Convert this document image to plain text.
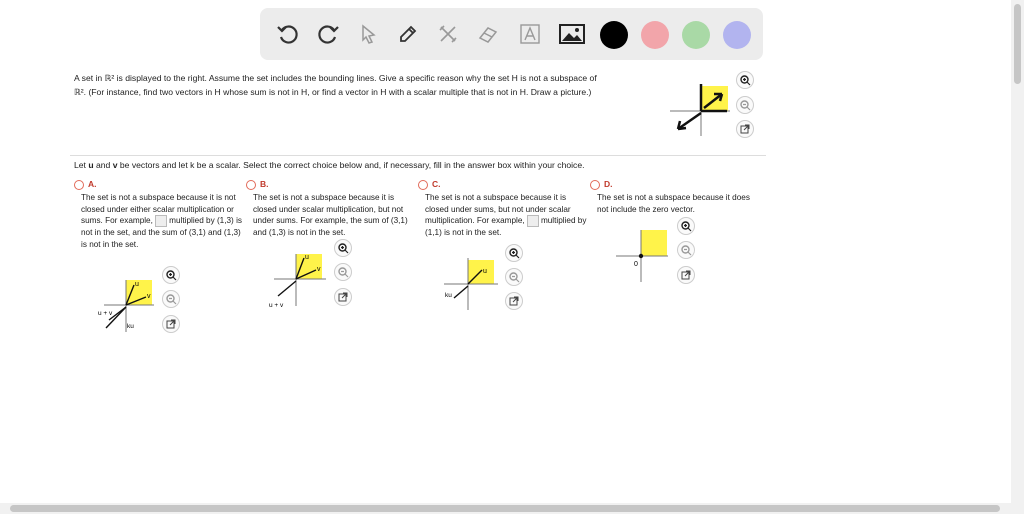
A set in ℝ² is displayed to the right. Assume the set includes the bounding lines. Give a specific reason why the set H is not a subspace of
ℝ². (For instance, find two vectors in H whose sum is not in H, or find a vector in H with a scalar multiple that is not in H. Draw a picture.)
Let u and v be vectors and let k be a scalar. Select the correct choice below and, if necessary, fill in the answer box within your choice.
A.
The set is not a subspace because it is not closed under either scalar multiplication or sums. For example, multiplied by (1,3) is not in the set, and the sum of (3,1) and (1,3) is not in the set.
u
v
u + v
ku
B.
The set is not a subspace because it is closed under scalar multiplication, but not under sums. For example, the sum of (3,1) and (1,3) is not in the set.
u
v
u + v
C.
The set is not a subspace because it is closed under sums, but not under scalar multiplication. For example, multiplied by (1,1) is not in the set.
u
ku
D.
The set is not a subspace because it does not include the zero vector.
0
